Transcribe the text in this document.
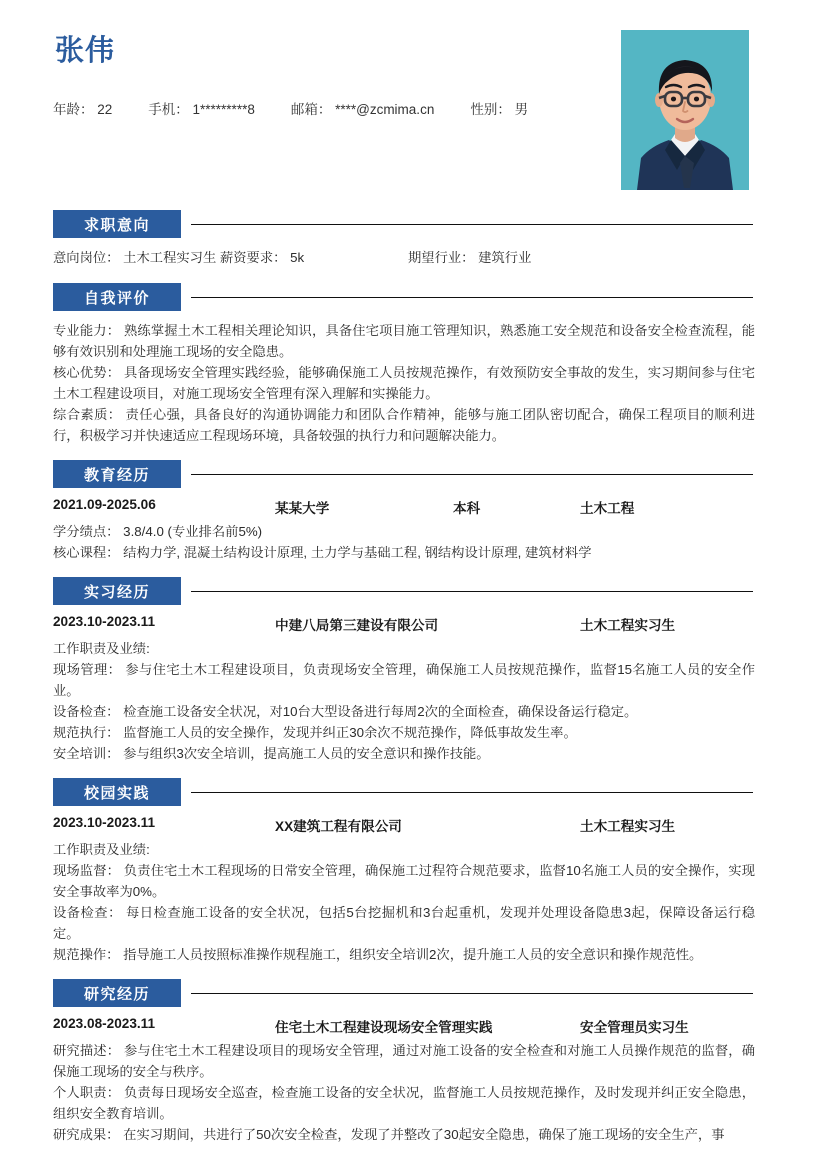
张伟
年龄： 22	手机： 1*********8	邮箱： ****@zcmima.cn	性别： 男
求职意向
意向岗位： 土木工程实习生 薪资要求： 5k	期望行业： 建筑行业
自我评价

专业能力： 熟练掌握土木工程相关理论知识，具备住宅项目施工管理知识，熟悉施工安全规范和设备安全检查流程，能够有效识别和处理施工现场的安全隐患。

核心优势： 具备现场安全管理实践经验，能够确保施工人员按规范操作，有效预防安全事故的发生，实习期间参与住宅土木工程建设项目，对施工现场安全管理有深入理解和实操能力。

综合素质： 责任心强，具备良好的沟通协调能力和团队合作精神，能够与施工团队密切配合，确保工程项目的顺利进行，积极学习并快速适应工程现场环境，具备较强的执行力和问题解决能力。

教育经历
2021.09-2025.06	某某大学	本科	土木工程
学分绩点： 3.8/4.0 (专业排名前5%)
核心课程： 结构力学, 混凝土结构设计原理, 土力学与基础工程, 钢结构设计原理, 建筑材料学
实习经历
2023.10-2023.11	中建八局第三建设有限公司	土木工程实习生
工作职责及业绩:

现场管理： 参与住宅土木工程建设项目，负责现场安全管理，确保施工人员按规范操作，监督15名施工人员的安全作业。

设备检查： 检查施工设备安全状况，对10台大型设备进行每周2次的全面检查，确保设备运行稳定。

规范执行： 监督施工人员的安全操作，发现并纠正30余次不规范操作，降低事故发生率。

安全培训： 参与组织3次安全培训，提高施工人员的安全意识和操作技能。

校园实践
2023.10-2023.11	XX建筑工程有限公司	土木工程实习生
工作职责及业绩:

现场监督： 负责住宅土木工程现场的日常安全管理，确保施工过程符合规范要求，监督10名施工人员的安全操作，实现安全事故率为0%。

设备检查： 每日检查施工设备的安全状况，包括5台挖掘机和3台起重机，发现并处理设备隐患3起，保障设备运行稳定。

规范操作： 指导施工人员按照标准操作规程施工，组织安全培训2次，提升施工人员的安全意识和操作规范性。

研究经历
2023.08-2023.11	住宅土木工程建设现场安全管理实践	安全管理员实习生

研究描述： 参与住宅土木工程建设项目的现场安全管理，通过对施工设备的安全检查和对施工人员操作规范的监督，确保施工现场的安全与秩序。

个人职责： 负责每日现场安全巡查，检查施工设备的安全状况，监督施工人员按规范操作，及时发现并纠正安全隐患，组织安全教育培训。

研究成果： 在实习期间，共进行了50次安全检查，发现了并整改了30起安全隐患，确保了施工现场的安全生产，事
